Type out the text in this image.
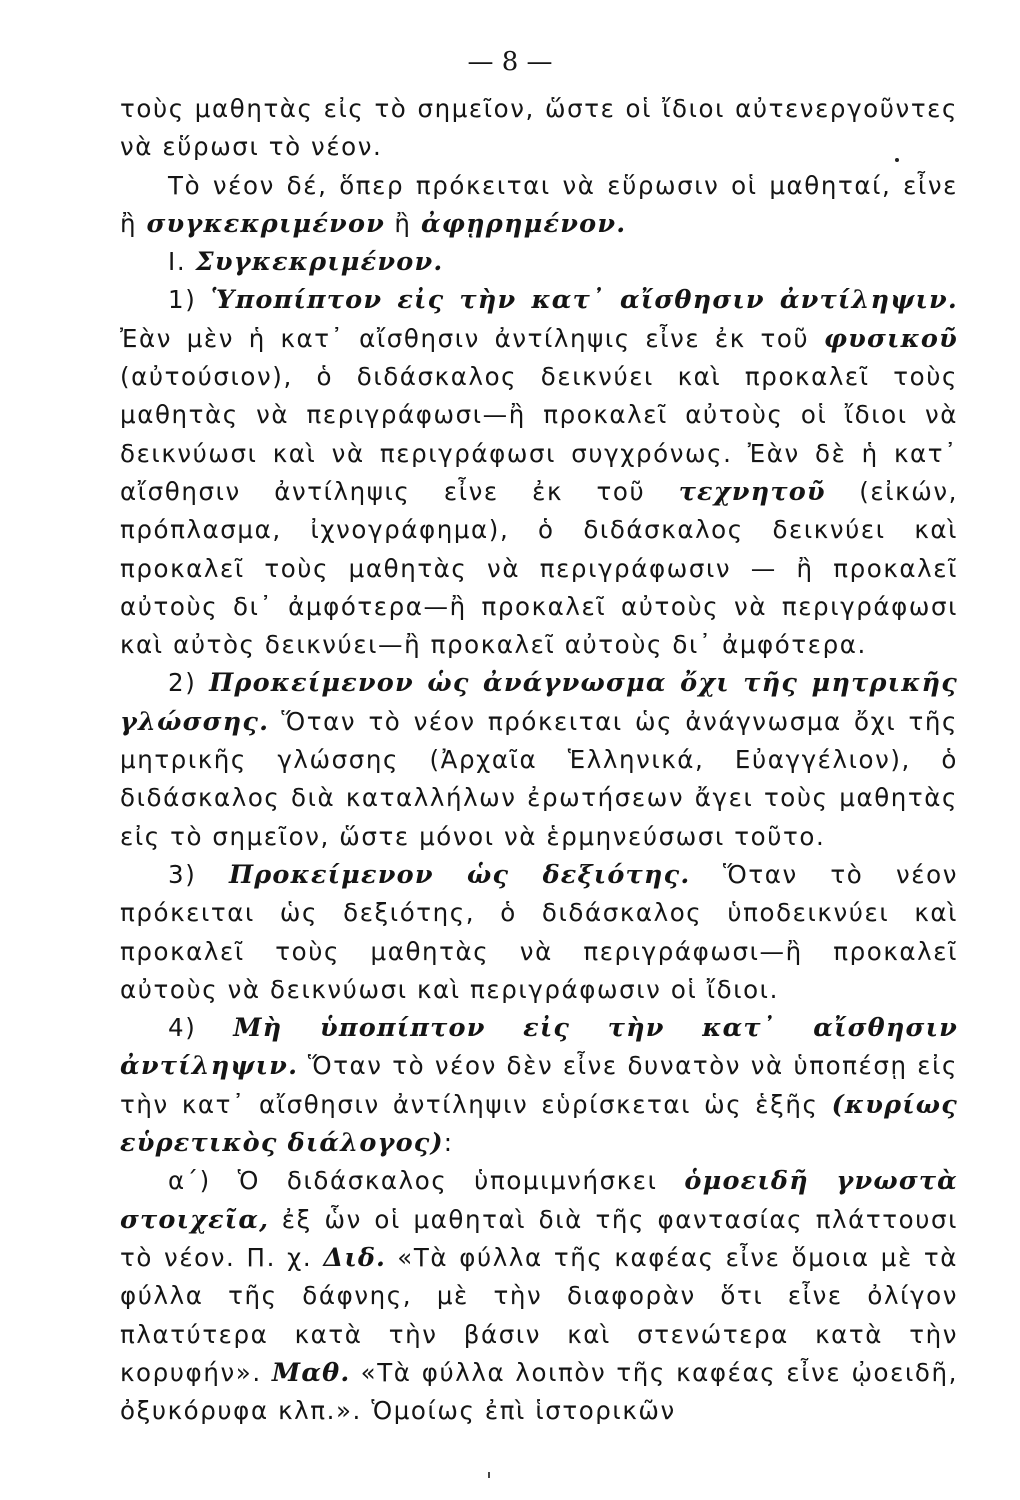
— 8 —

τοὺς μαθητὰς εἰς τὸ σημεῖον, ὥστε οἱ ἴδιοι αὐτενεργοῦντες νὰ εὕρωσι τὸ νέον.

Τὸ νέον δέ, ὅπερ πρόκειται νὰ εὕρωσιν οἱ μαθηταί, εἶνε ἢ συγκεκριμένον ἢ ἀφῃρημένον.

I. Συγκεκριμένον.

1) Ὑποπίπτον εἰς τὴν κατ᾽ αἴσθησιν ἀντίληψιν. Ἐὰν μὲν ἡ κατ᾽ αἴσθησιν ἀντίληψις εἶνε ἐκ τοῦ φυσικοῦ (αὐτούσιον), ὁ διδάσκαλος δεικνύει καὶ προκαλεῖ τοὺς μαθητὰς νὰ περιγράφωσι—ἢ προκαλεῖ αὐτοὺς οἱ ἴδιοι νὰ δεικνύωσι καὶ νὰ περιγράφωσι συγχρόνως. Ἐὰν δὲ ἡ κατ᾽ αἴσθησιν ἀντίληψις εἶνε ἐκ τοῦ τεχνητοῦ (εἰκών, πρόπλασμα, ἰχνογράφημα), ὁ διδάσκαλος δεικνύει καὶ προκαλεῖ τοὺς μαθητὰς νὰ περιγράφωσιν — ἢ προκαλεῖ αὐτοὺς δι᾽ ἀμφότερα—ἢ προκαλεῖ αὐτοὺς νὰ περιγράφωσι καὶ αὐτὸς δεικνύει—ἢ προκαλεῖ αὐτοὺς δι᾽ ἀμφότερα.

2) Προκείμενον ὡς ἀνάγνωσμα ὄχι τῆς μητρικῆς γλώσσης. Ὅταν τὸ νέον πρόκειται ὡς ἀνάγνωσμα ὄχι τῆς μητρικῆς γλώσσης (Ἀρχαῖα Ἑλληνικά, Εὐαγγέλιον), ὁ διδάσκαλος διὰ καταλλήλων ἐρωτήσεων ἄγει τοὺς μαθητὰς εἰς τὸ σημεῖον, ὥστε μόνοι νὰ ἑρμηνεύσωσι τοῦτο.

3) Προκείμενον ὡς δεξιότης. Ὅταν τὸ νέον πρόκειται ὡς δεξιότης, ὁ διδάσκαλος ὑποδεικνύει καὶ προκαλεῖ τοὺς μαθητὰς νὰ περιγράφωσι—ἢ προκαλεῖ αὐτοὺς νὰ δεικνύωσι καὶ περιγράφωσιν οἱ ἴδιοι.

4) Μὴ ὑποπίπτον εἰς τὴν κατ᾽ αἴσθησιν ἀντίληψιν. Ὅταν τὸ νέον δὲν εἶνε δυνατὸν νὰ ὑποπέσῃ εἰς τὴν κατ᾽ αἴσθησιν ἀντίληψιν εὑρίσκεται ὡς ἑξῆς (κυρίως εὑρετικὸς διάλογος):

α΄) Ὁ διδάσκαλος ὑπομιμνήσκει ὁμοειδῆ γνωστὰ στοιχεῖα, ἐξ ὧν οἱ μαθηταὶ διὰ τῆς φαντασίας πλάττουσι τὸ νέον. Π. χ. Διδ. «Τὰ φύλλα τῆς καφέας εἶνε ὅμοια μὲ τὰ φύλλα τῆς δάφνης, μὲ τὴν διαφορὰν ὅτι εἶνε ὀλίγον πλατύτερα κατὰ τὴν βάσιν καὶ στενώτερα κατὰ τὴν κορυφήν». Μαθ. «Τὰ φύλλα λοιπὸν τῆς καφέας εἶνε ᾠοειδῆ, ὀξυκόρυφα κλπ.». Ὁμοίως ἐπὶ ἱστορικῶν
